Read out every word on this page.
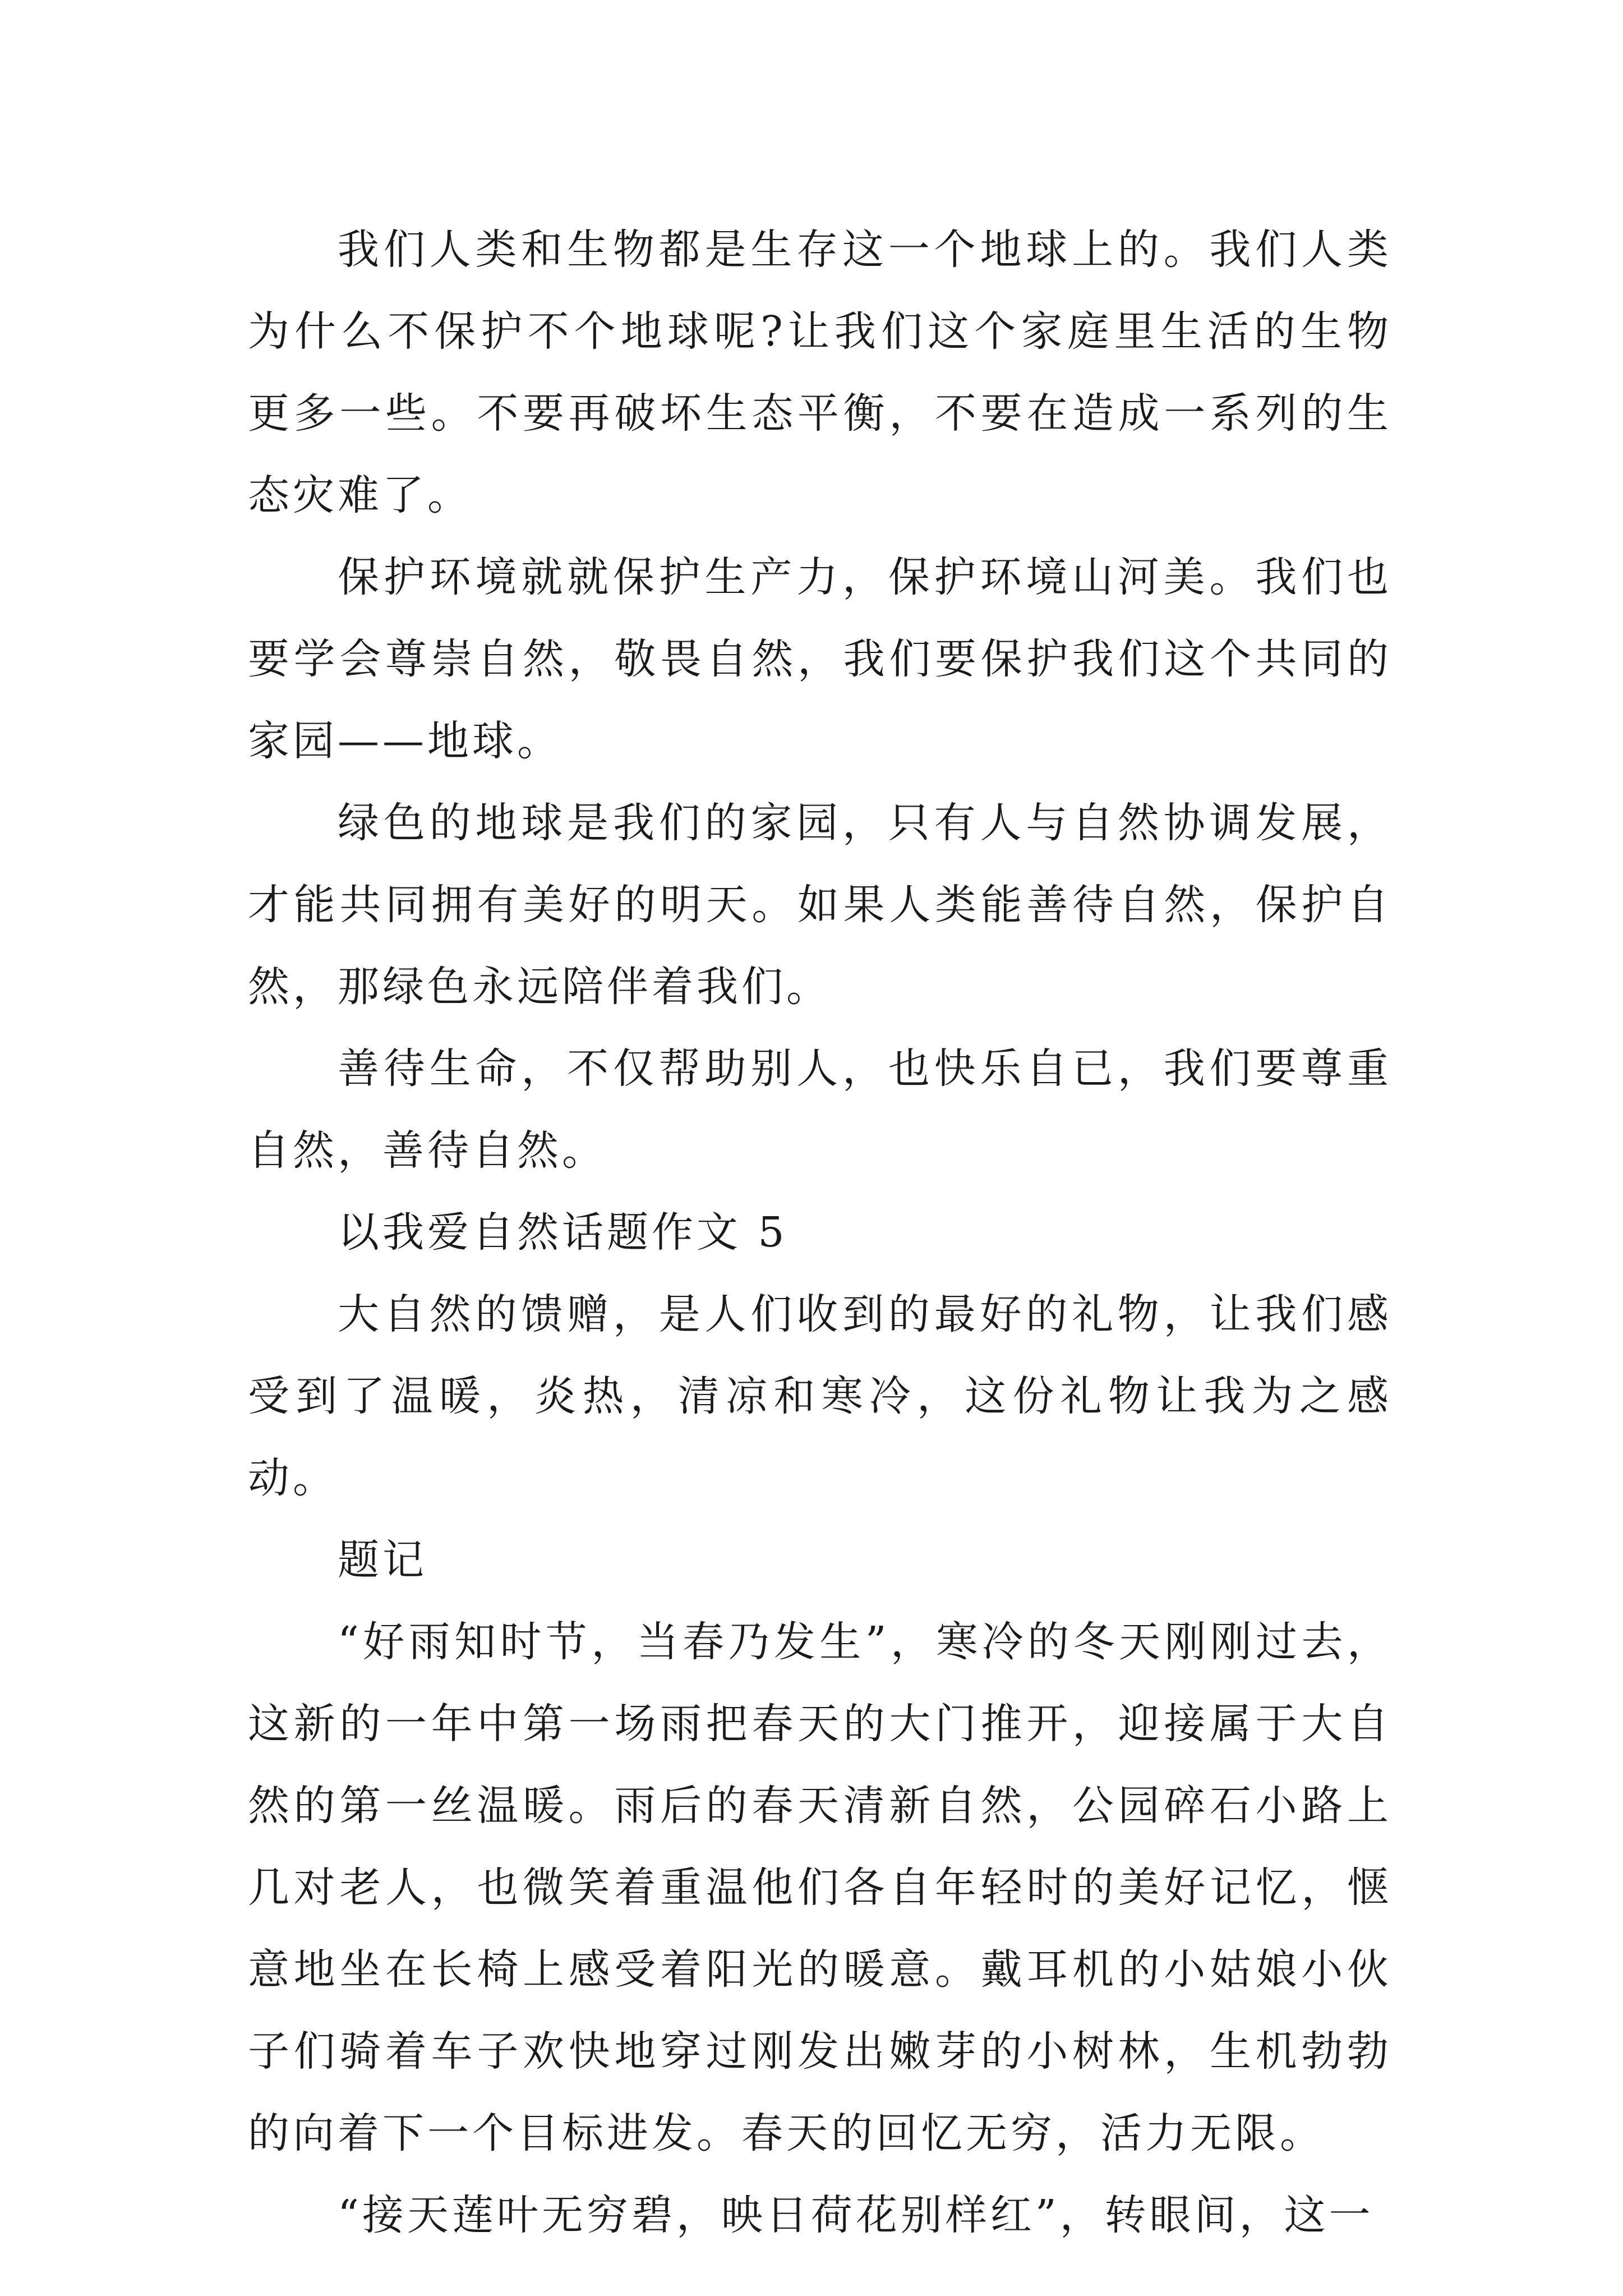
我们人类和生物都是生存这一个地球上的。我们人类为什么不保护不个地球呢?让我们这个家庭里生活的生物更多一些。不要再破坏生态平衡，不要在造成一系列的生态灾难了。

保护环境就就保护生产力，保护环境山河美。我们也要学会尊崇自然，敬畏自然，我们要保护我们这个共同的家园——地球。

绿色的地球是我们的家园，只有人与自然协调发展，才能共同拥有美好的明天。如果人类能善待自然，保护自然，那绿色永远陪伴着我们。

善待生命，不仅帮助别人，也快乐自已，我们要尊重自然，善待自然。

以我爱自然话题作文 5

大自然的馈赠，是人们收到的最好的礼物，让我们感受到了温暖，炎热，清凉和寒冷，这份礼物让我为之感动。

题记

“好雨知时节，当春乃发生”，寒冷的冬天刚刚过去，这新的一年中第一场雨把春天的大门推开，迎接属于大自然的第一丝温暖。雨后的春天清新自然，公园碎石小路上几对老人，也微笑着重温他们各自年轻时的美好记忆，惬意地坐在长椅上感受着阳光的暖意。戴耳机的小姑娘小伙子们骑着车子欢快地穿过刚发出嫩芽的小树林，生机勃勃的向着下一个目标进发。春天的回忆无穷，活力无限。

“接天莲叶无穷碧，映日荷花别样红”，转眼间，这一
